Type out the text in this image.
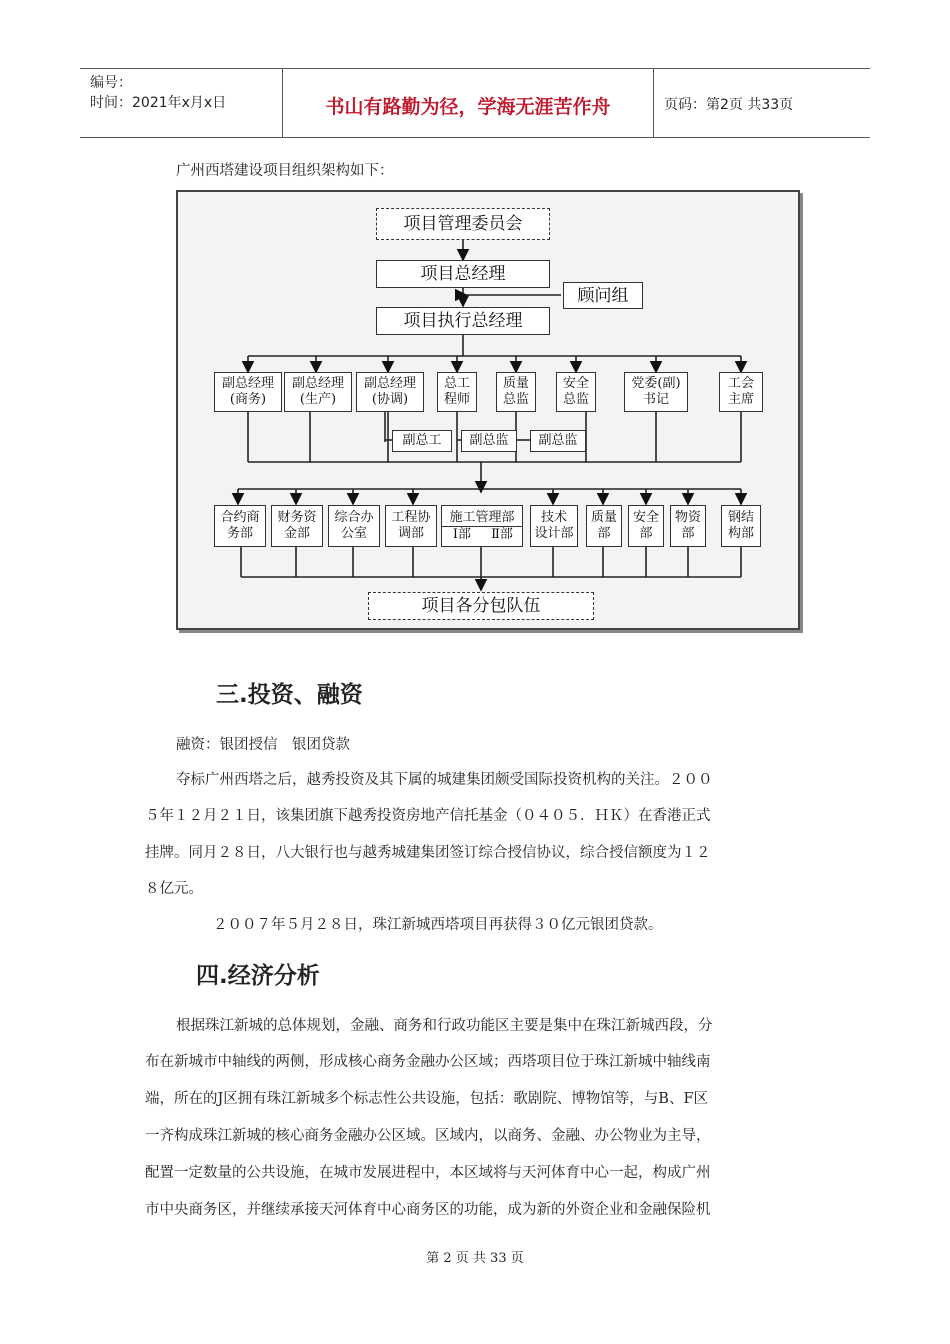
编号：
时间：2021年x月x日	书山有路勤为径，学海无涯苦作舟	页码：第2页 共33页
广州西塔建设项目组织架构如下：
项目管理委员会
项目总经理
顾问组
项目执行总经理
副总经理
(商务)
副总经理
(生产)
副总经理
(协调)
总工
程师
质量
总监
安全
总监
党委(副)
书记
工会
主席
副总工	副总监	副总监
合约商
务部
财务资
金部
综合办
公室
工程协
调部
施工管理部
Ⅰ部	Ⅱ部
技术
设计部
质量
部
安全
部
物资
部
钢结
构部
项目各分包队伍
三.投资、融资
融资：银团授信　银团贷款
夺标广州西塔之后，越秀投资及其下属的城建集团颇受国际投资机构的关注。２００
５年１２月２１日，该集团旗下越秀投资房地产信托基金（０４０５．ＨＫ）在香港正式
挂牌。同月２８日，八大银行也与越秀城建集团签订综合授信协议，综合授信额度为１２
８亿元。
２００７年５月２８日，珠江新城西塔项目再获得３０亿元银团贷款。
四.经济分析
根据珠江新城的总体规划，金融、商务和行政功能区主要是集中在珠江新城西段，分
布在新城市中轴线的两侧，形成核心商务金融办公区域；西塔项目位于珠江新城中轴线南
端，所在的J区拥有珠江新城多个标志性公共设施，包括：歌剧院、博物馆等，与B、F区
一齐构成珠江新城的核心商务金融办公区域。区域内，以商务、金融、办公物业为主导，
配置一定数量的公共设施，在城市发展进程中，本区域将与天河体育中心一起，构成广州
市中央商务区，并继续承接天河体育中心商务区的功能，成为新的外资企业和金融保险机
第 2 页 共 33 页
